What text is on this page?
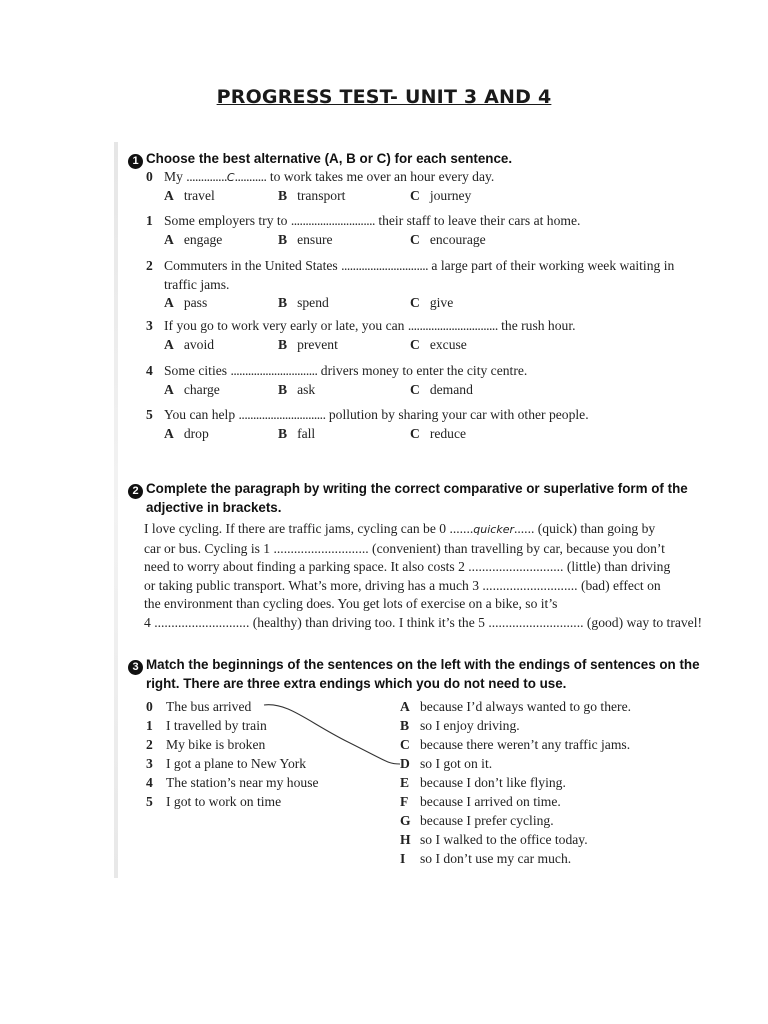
PROGRESS TEST- UNIT 3 AND 4
1 Choose the best alternative (A, B or C) for each sentence.
0 My ..............C........... to work takes me over an hour every day.
A travel	B transport	C journey
1 Some employers try to ............................. their staff to leave their cars at home.
A engage	B ensure	C encourage
2 Commuters in the United States .............................. a large part of their working week waiting in
traffic jams.
A pass	B spend	C give
3 If you go to work very early or late, you can ............................... the rush hour.
A avoid	B prevent	C excuse
4 Some cities .............................. drivers money to enter the city centre.
A charge	B ask	C demand
5 You can help .............................. pollution by sharing your car with other people.
A drop	B fall	C reduce
2 Complete the paragraph by writing the correct comparative or superlative form of the
adjective in brackets.

I love cycling. If there are traffic jams, cycling can be 0 .......quicker...... (quick) than going by

car or bus. Cycling is 1 ............................ (convenient) than travelling by car, because you don’t

need to worry about finding a parking space. It also costs 2 ............................ (little) than driving

or taking public transport. What’s more, driving has a much 3 ............................ (bad) effect on

the environment than cycling does. You get lots of exercise on a bike, so it’s

4 ............................ (healthy) than driving too. I think it’s the 5 ............................ (good) way to travel!

3 Match the beginnings of the sentences on the left with the endings of sentences on the
right. There are three extra endings which you do not need to use.
0 The bus arrived
1 I travelled by train
2 My bike is broken
3 I got a plane to New York
4 The station’s near my house
5 I got to work on time
A because I’d always wanted to go there.
B so I enjoy driving.
C because there weren’t any traffic jams.
D so I got on it.
E because I don’t like flying.
F because I arrived on time.
G because I prefer cycling.
H so I walked to the office today.
I so I don’t use my car much.
